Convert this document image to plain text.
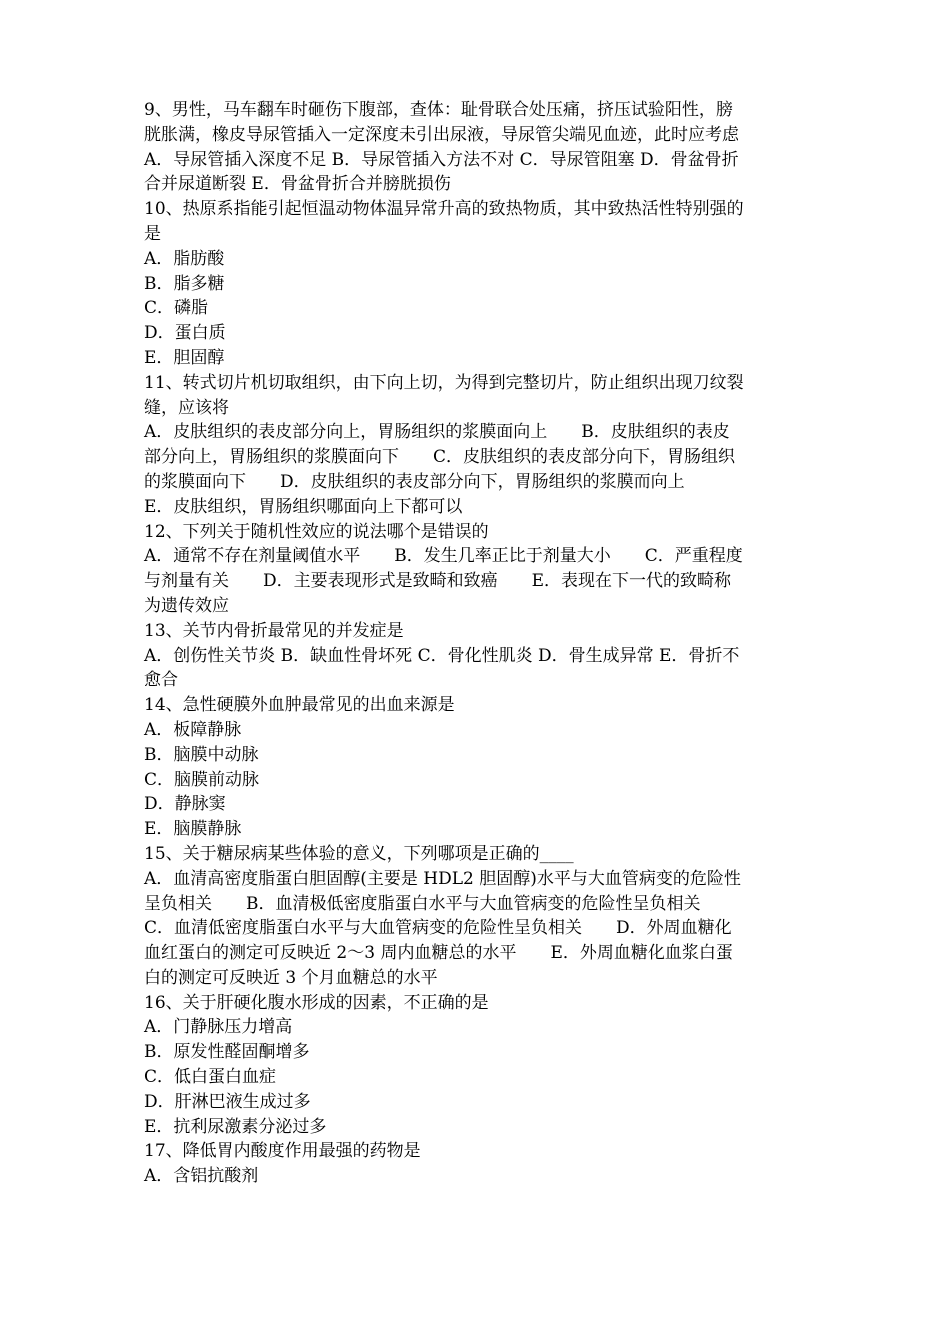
9、男性，马车翻车时砸伤下腹部，查体：耻骨联合处压痛，挤压试验阳性，膀
胱胀满，橡皮导尿管插入一定深度未引出尿液，导尿管尖端见血迹，此时应考虑
A．导尿管插入深度不足 B．导尿管插入方法不对 C．导尿管阻塞 D．骨盆骨折
合并尿道断裂 E．骨盆骨折合并膀胱损伤
10、热原系指能引起恒温动物体温异常升高的致热物质，其中致热活性特别强的
是
A．脂肪酸
B．脂多糖
C．磷脂
D．蛋白质
E．胆固醇
11、转式切片机切取组织，由下向上切，为得到完整切片，防止组织出现刀纹裂
缝，应该将
A．皮肤组织的表皮部分向上，胃肠组织的浆膜面向上　　B．皮肤组织的表皮
部分向上，胃肠组织的浆膜面向下　　C．皮肤组织的表皮部分向下，胃肠组织
的浆膜面向下　　D．皮肤组织的表皮部分向下，胃肠组织的浆膜而向上
E．皮肤组织，胃肠组织哪面向上下都可以
12、下列关于随机性效应的说法哪个是错误的
A．通常不存在剂量阈值水平　　B．发生几率正比于剂量大小　　C．严重程度
与剂量有关　　D．主要表现形式是致畸和致癌　　E．表现在下一代的致畸称
为遗传效应
13、关节内骨折最常见的并发症是
A．创伤性关节炎 B．缺血性骨坏死 C．骨化性肌炎 D．骨生成异常 E．骨折不
愈合
14、急性硬膜外血肿最常见的出血来源是
A．板障静脉
B．脑膜中动脉
C．脑膜前动脉
D．静脉窦
E．脑膜静脉
15、关于糖尿病某些体验的意义，下列哪项是正确的____
A．血清高密度脂蛋白胆固醇(主要是 HDL2 胆固醇)水平与大血管病变的危险性
呈负相关　　B．血清极低密度脂蛋白水平与大血管病变的危险性呈负相关
C．血清低密度脂蛋白水平与大血管病变的危险性呈负相关　　D．外周血糖化
血红蛋白的测定可反映近 2～3 周内血糖总的水平　　E．外周血糖化血浆白蛋
白的测定可反映近 3 个月血糖总的水平
16、关于肝硬化腹水形成的因素，不正确的是
A．门静脉压力增高
B．原发性醛固酮增多
C．低白蛋白血症
D．肝淋巴液生成过多
E．抗利尿激素分泌过多
17、降低胃内酸度作用最强的药物是
A．含铝抗酸剂
